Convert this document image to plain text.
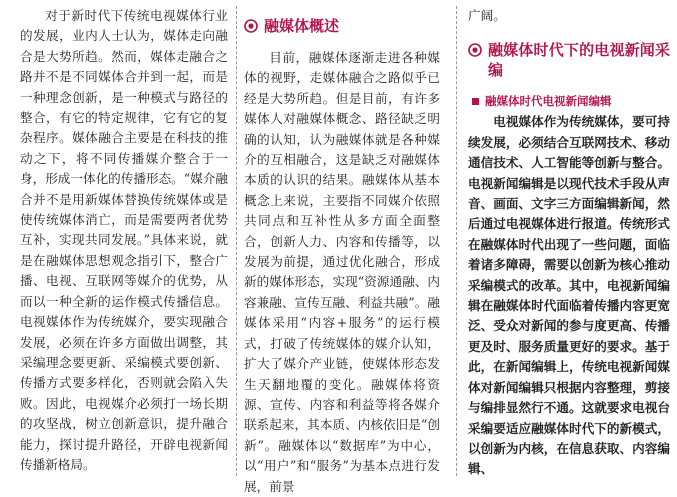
对于新时代下传统电视媒体行业的发展，业内人士认为，媒体走向融合是大势所趋。然而，媒体走融合之路并不是不同媒体合并到一起，而是一种理念创新，是一种模式与路径的整合，有它的特定规律，它有它的复杂程序。媒体融合主要是在科技的推动之下，将不同传播媒介整合于一身，形成一体化的传播形态。“媒介融合并不是用新媒体替换传统媒体或是使传统媒体消亡，而是需要两者优势互补，实现共同发展。”具体来说，就是在融媒体思想观念指引下，整合广播、电视、互联网等媒介的优势，从而以一种全新的运作模式传播信息。电视媒体作为传统媒介，要实现融合发展，必须在许多方面做出调整，其采编理念要更新、采编模式要创新、传播方式要多样化，否则就会陷入失败。因此，电视媒介必须打一场长期的攻坚战，树立创新意识，提升融合能力，探讨提升路径，开辟电视新闻传播新格局。

融媒体概述

目前，融媒体逐渐走进各种媒体的视野，走媒体融合之路似乎已经是大势所趋。但是目前，有许多媒体人对融媒体概念、路径缺乏明确的认知，认为融媒体就是各种媒介的互相融合，这是缺乏对融媒体本质的认识的结果。融媒体从基本概念上来说，主要指不同媒介依照共同点和互补性从多方面全面整合，创新人力、内容和传播等，以发展为前提，通过优化融合，形成新的媒体形态，实现“资源通融、内容兼融、宣传互融、利益共融”。融媒体采用“内容+服务”的运行模式，打破了传统媒体的媒介认知，扩大了媒介产业链，使媒体形态发生天翻地覆的变化。融媒体将资源、宣传、内容和利益等将各媒介联系起来，其本质、内核依旧是“创新”。融媒体以“数据库”为中心，以“用户”和“服务”为基本点进行发展，前景

广阔。
融媒体时代下的电视新闻采编
融媒体时代电视新闻编辑

电视媒体作为传统媒体，要可持续发展，必须结合互联网技术、移动通信技术、人工智能等创新与整合。电视新闻编辑是以现代技术手段从声音、画面、文字三方面编辑新闻，然后通过电视媒体进行报道。传统形式在融媒体时代出现了一些问题，面临着诸多障碍，需要以创新为核心推动采编模式的改革。其中，电视新闻编辑在融媒体时代面临着传播内容更宽泛、受众对新闻的参与度更高、传播更及时、服务质量更好的要求。基于此，在新闻编辑上，传统电视新闻媒体对新闻编辑只根据内容整理，剪接与编排显然行不通。这就要求电视台采编要适应融媒体时代下的新模式，以创新为内核，在信息获取、内容编辑、
